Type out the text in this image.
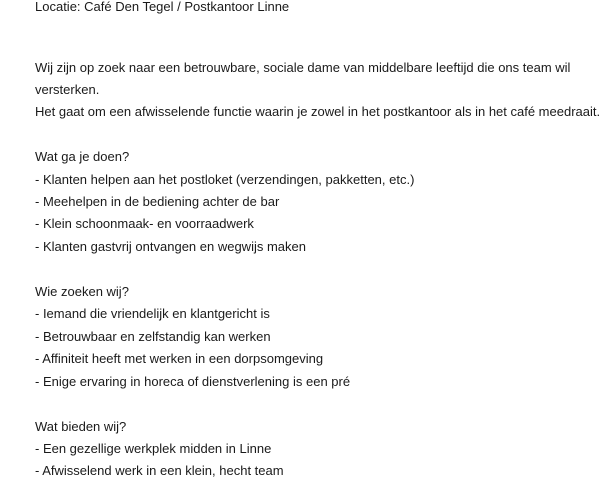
Locatie: Café Den Tegel / Postkantoor Linne
Wij zijn op zoek naar een betrouwbare, sociale dame van middelbare leeftijd die ons team wil
versterken.
Het gaat om een afwisselende functie waarin je zowel in het postkantoor als in het café meedraait.
Wat ga je doen?
- Klanten helpen aan het postloket (verzendingen, pakketten, etc.)
- Meehelpen in de bediening achter de bar
- Klein schoonmaak- en voorraadwerk
- Klanten gastvrij ontvangen en wegwijs maken
Wie zoeken wij?
- Iemand die vriendelijk en klantgericht is
- Betrouwbaar en zelfstandig kan werken
- Affiniteit heeft met werken in een dorpsomgeving
- Enige ervaring in horeca of dienstverlening is een pré
Wat bieden wij?
- Een gezellige werkplek midden in Linne
- Afwisselend werk in een klein, hecht team
